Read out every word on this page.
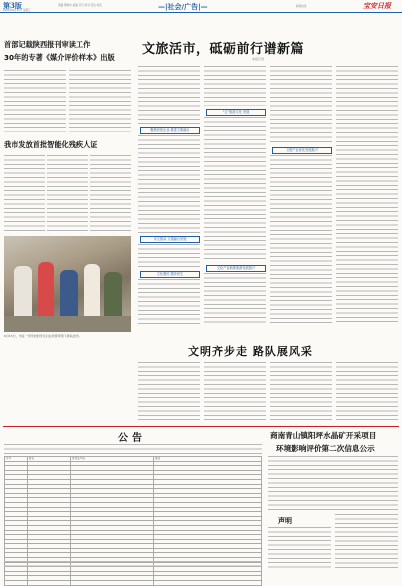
第3版
2020年6月17日 星期三
责编 郭晓华 美编 付可 校对 范洁 电话	—|社会/广告|—	新闻热线	宝安日报
首部记载陕西报刊审读工作
30年的专著《媒介评价样本》出版
我市发放首批智能化残疾人证
6月15日，市区一所学校的学生们在老师带领下排队放学。
文旅活市，砥砺前行谱新篇
本报记者
聚焦民营企业 推进文旅融合
市文旅局 文旅融合发展
文化惠民 服务民生
“五”旅游文化 发展
文化产业助推旅游发展振兴
文旅产业优化发展振兴
文明齐步走 路队展风采
公告
序号	姓名	身份证号码	备注

商南青山镇阳坪水晶矿开采项目
环境影响评价第二次信息公示
声明
